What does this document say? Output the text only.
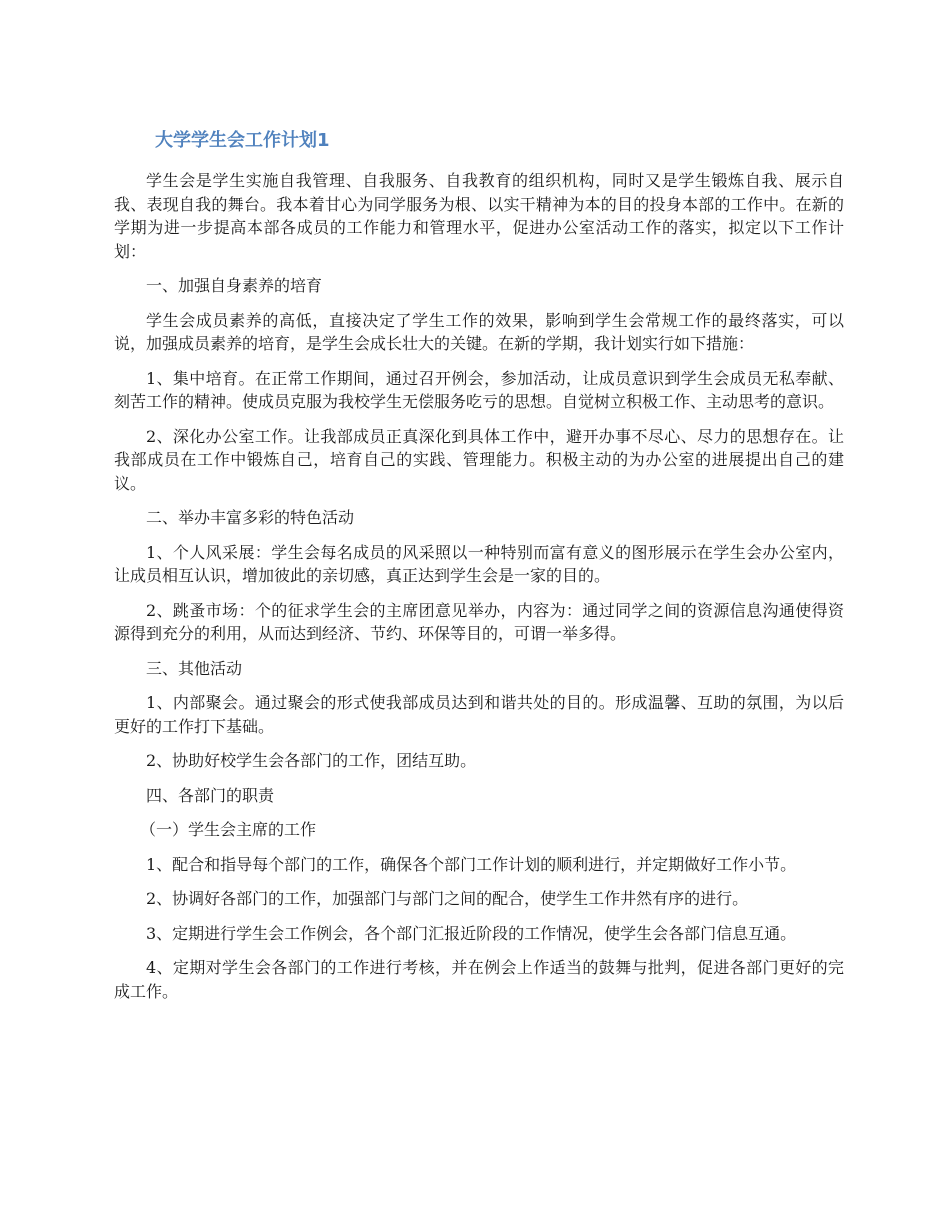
大学学生会工作计划1

学生会是学生实施自我管理、自我服务、自我教育的组织机构，同时又是学生锻炼自我、展示自我、表现自我的舞台。我本着甘心为同学服务为根、以实干精神为本的目的投身本部的工作中。在新的学期为进一步提高本部各成员的工作能力和管理水平，促进办公室活动工作的落实，拟定以下工作计划：

一、加强自身素养的培育

学生会成员素养的高低，直接决定了学生工作的效果，影响到学生会常规工作的最终落实，可以说，加强成员素养的培育，是学生会成长壮大的关键。在新的学期，我计划实行如下措施：

1、集中培育。在正常工作期间，通过召开例会，参加活动，让成员意识到学生会成员无私奉献、刻苦工作的精神。使成员克服为我校学生无偿服务吃亏的思想。自觉树立积极工作、主动思考的意识。

2、深化办公室工作。让我部成员正真深化到具体工作中，避开办事不尽心、尽力的思想存在。让我部成员在工作中锻炼自己，培育自己的实践、管理能力。积极主动的为办公室的进展提出自己的建议。

二、举办丰富多彩的特色活动

1、个人风采展：学生会每名成员的风采照以一种特别而富有意义的图形展示在学生会办公室内，让成员相互认识，增加彼此的亲切感，真正达到学生会是一家的目的。

2、跳蚤市场：个的征求学生会的主席团意见举办，内容为：通过同学之间的资源信息沟通使得资源得到充分的利用，从而达到经济、节约、环保等目的，可谓一举多得。

三、其他活动

1、内部聚会。通过聚会的形式使我部成员达到和谐共处的目的。形成温馨、互助的氛围，为以后更好的工作打下基础。

2、协助好校学生会各部门的工作，团结互助。

四、各部门的职责

（一）学生会主席的工作

1、配合和指导每个部门的工作，确保各个部门工作计划的顺利进行，并定期做好工作小节。

2、协调好各部门的工作，加强部门与部门之间的配合，使学生工作井然有序的进行。

3、定期进行学生会工作例会，各个部门汇报近阶段的工作情况，使学生会各部门信息互通。

4、定期对学生会各部门的工作进行考核，并在例会上作适当的鼓舞与批判，促进各部门更好的完成工作。
